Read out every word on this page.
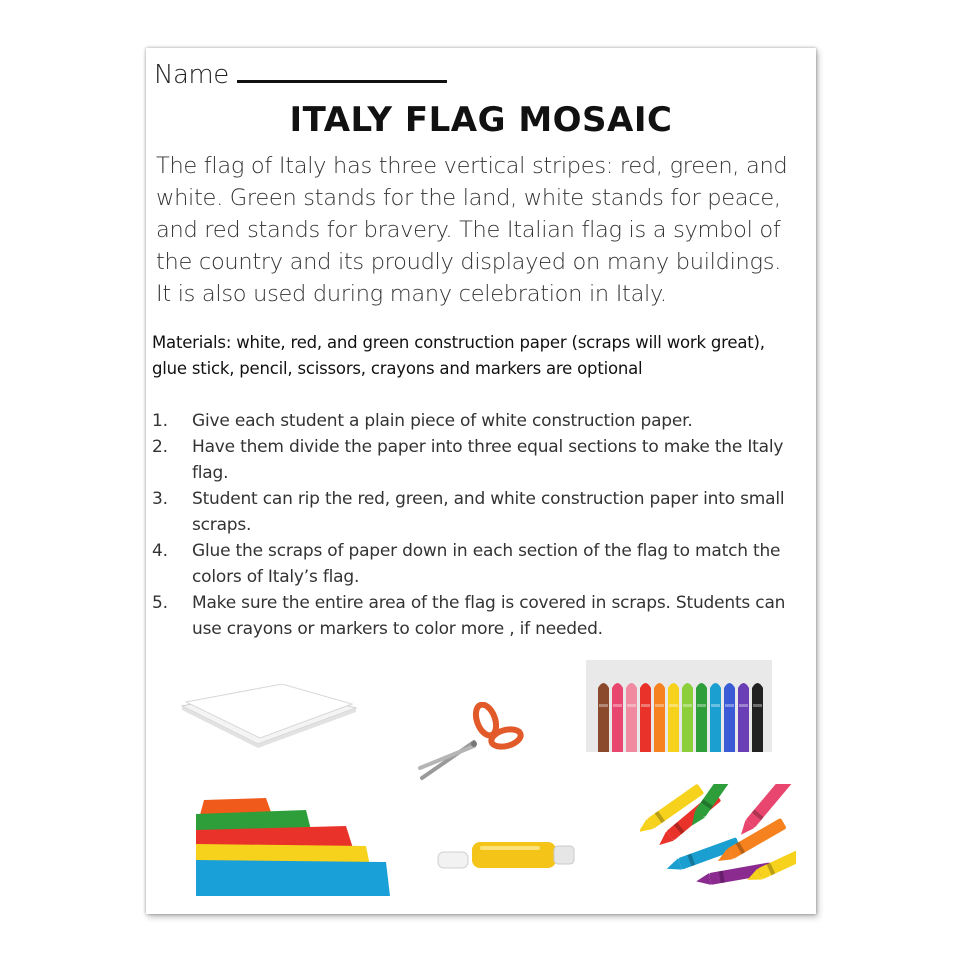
Name
ITALY FLAG MOSAIC
The flag of Italy has three vertical stripes: red, green, and white. Green stands for the land, white stands for peace, and red stands for bravery. The Italian flag is a symbol of the country and its proudly displayed on many buildings. It is also used during many celebration in Italy.
Materials: white, red, and green construction paper (scraps will work great), glue stick, pencil, scissors, crayons and markers are optional
1. Give each student a plain piece of white construction paper.
2. Have them divide the paper into three equal sections to make the Italy flag.
3. Student can rip the red, green, and white construction paper into small scraps.
4. Glue the scraps of paper down in each section of the flag to match the colors of Italy’s flag.
5. Make sure the entire area of the flag is covered in scraps. Students can use crayons or markers to color more , if needed.
